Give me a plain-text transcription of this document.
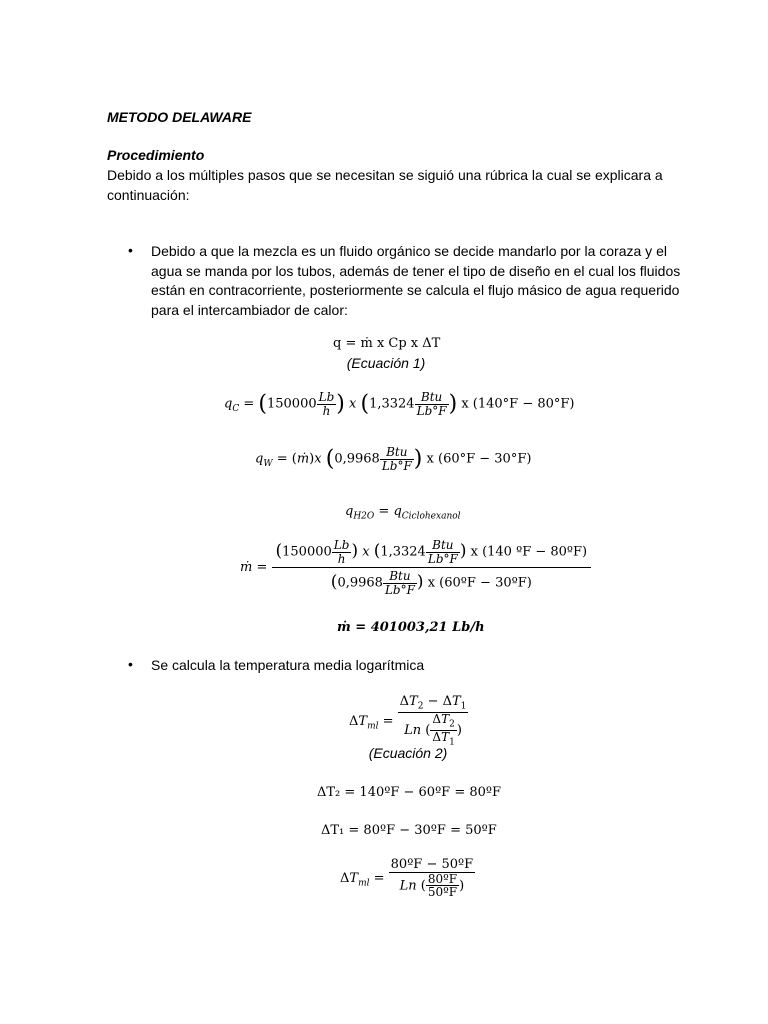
METODO DELAWARE
Procedimiento
Debido a los múltiples pasos que se necesitan se siguió una rúbrica la cual se explicara a continuación:
• Debido a que la mezcla es un fluido orgánico se decide mandarlo por la coraza y el agua se manda por los tubos, además de tener el tipo de diseño en el cual los fluidos están en contracorriente, posteriormente se calcula el flujo másico de agua requerido para el intercambiador de calor:
q = ṁ x Cp x ΔT
(Ecuación 1)
$q_C = (150000 \frac{Lb}{h}$ ) x ($1,3324 \frac{\text{Btu}}{Lb^\circ F}$ ) x (140°F − 80°F)
$q_W$ = (ṁ)x ($0,9968 \frac{\text{Btu}}{Lb^\circ F}$ ) x (60°F − 30°F)
$q_{H2O} = q_{Ciclohexanol}$
ṁ = $\frac{(150000 \frac{Lb}{h} ) x (1,3324 \frac{\text{Btu}}{Lb^\circ F} ) x (140 ºF - 80ºF)}{(0,9968 \frac{\text{Btu}}{Lb^\circ F} ) x (60ºF - 30ºF)}$
ṁ = 401003,21 Lb/h
• Se calcula la temperatura media logarítmica
$\Delta T_{ml} = \frac{\Delta T_2 - \Delta T_1}{Ln ( \frac{\Delta T_2}{\Delta T_1} )}$
(Ecuación 2)
ΔT₂ = 140ºF − 60ºF = 80ºF
ΔT₁ = 80ºF − 30ºF = 50ºF
$\Delta T_{ml} = \frac{\text{80ºF − 50ºF}}{Ln ( \frac{\text{80ºF}}{\text{50ºF}} )}$
